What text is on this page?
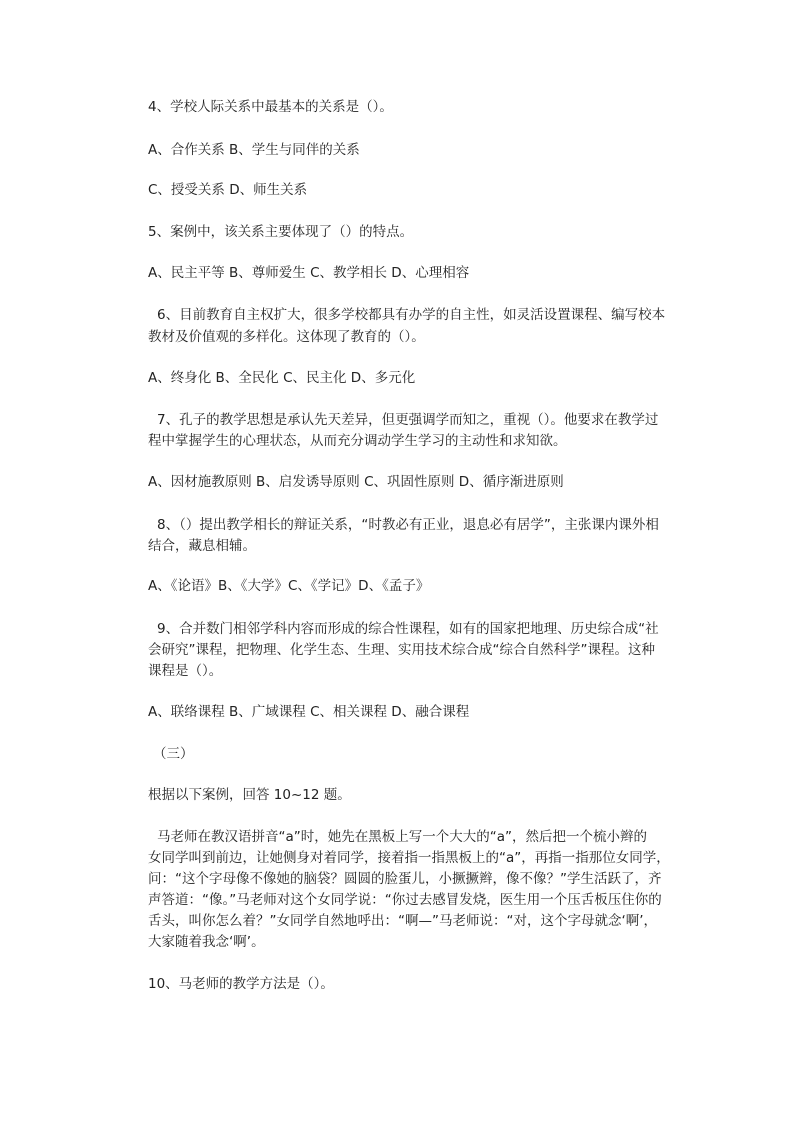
4、学校人际关系中最基本的关系是（）。

A、合作关系 B、学生与同伴的关系

C、授受关系 D、师生关系

5、案例中，该关系主要体现了（）的特点。

A、民主平等 B、尊师爱生 C、教学相长 D、心理相容

6、目前教育自主权扩大，很多学校都具有办学的自主性，如灵活设置课程、编写校本

教材及价值观的多样化。这体现了教育的（）。

A、终身化 B、全民化 C、民主化 D、多元化

7、孔子的教学思想是承认先天差异，但更强调学而知之，重视（）。他要求在教学过

程中掌握学生的心理状态，从而充分调动学生学习的主动性和求知欲。

A、因材施教原则 B、启发诱导原则 C、巩固性原则 D、循序渐进原则

8、（）提出教学相长的辩证关系，“时教必有正业，退息必有居学”，主张课内课外相

结合，藏息相辅。

A、《论语》B、《大学》C、《学记》D、《孟子》

9、合并数门相邻学科内容而形成的综合性课程，如有的国家把地理、历史综合成“社

会研究”课程，把物理、化学生态、生理、实用技术综合成“综合自然科学”课程。这种

课程是（）。

A、联络课程 B、广域课程 C、相关课程 D、融合课程

（三）

根据以下案例，回答 10~12 题。

马老师在教汉语拼音“a”时，她先在黑板上写一个大大的“a”，然后把一个梳小辫的

女同学叫到前边，让她侧身对着同学，接着指一指黑板上的“a”，再指一指那位女同学，

问：“这个字母像不像她的脑袋？圆圆的脸蛋儿，小撅撅辫，像不像？”学生活跃了，齐

声答道：“像。”马老师对这个女同学说：“你过去感冒发烧，医生用一个压舌板压住你的

舌头，叫你怎么着？”女同学自然地呼出：“啊—”马老师说：“对，这个字母就念‘啊’，

大家随着我念‘啊’。

10、马老师的教学方法是（）。
